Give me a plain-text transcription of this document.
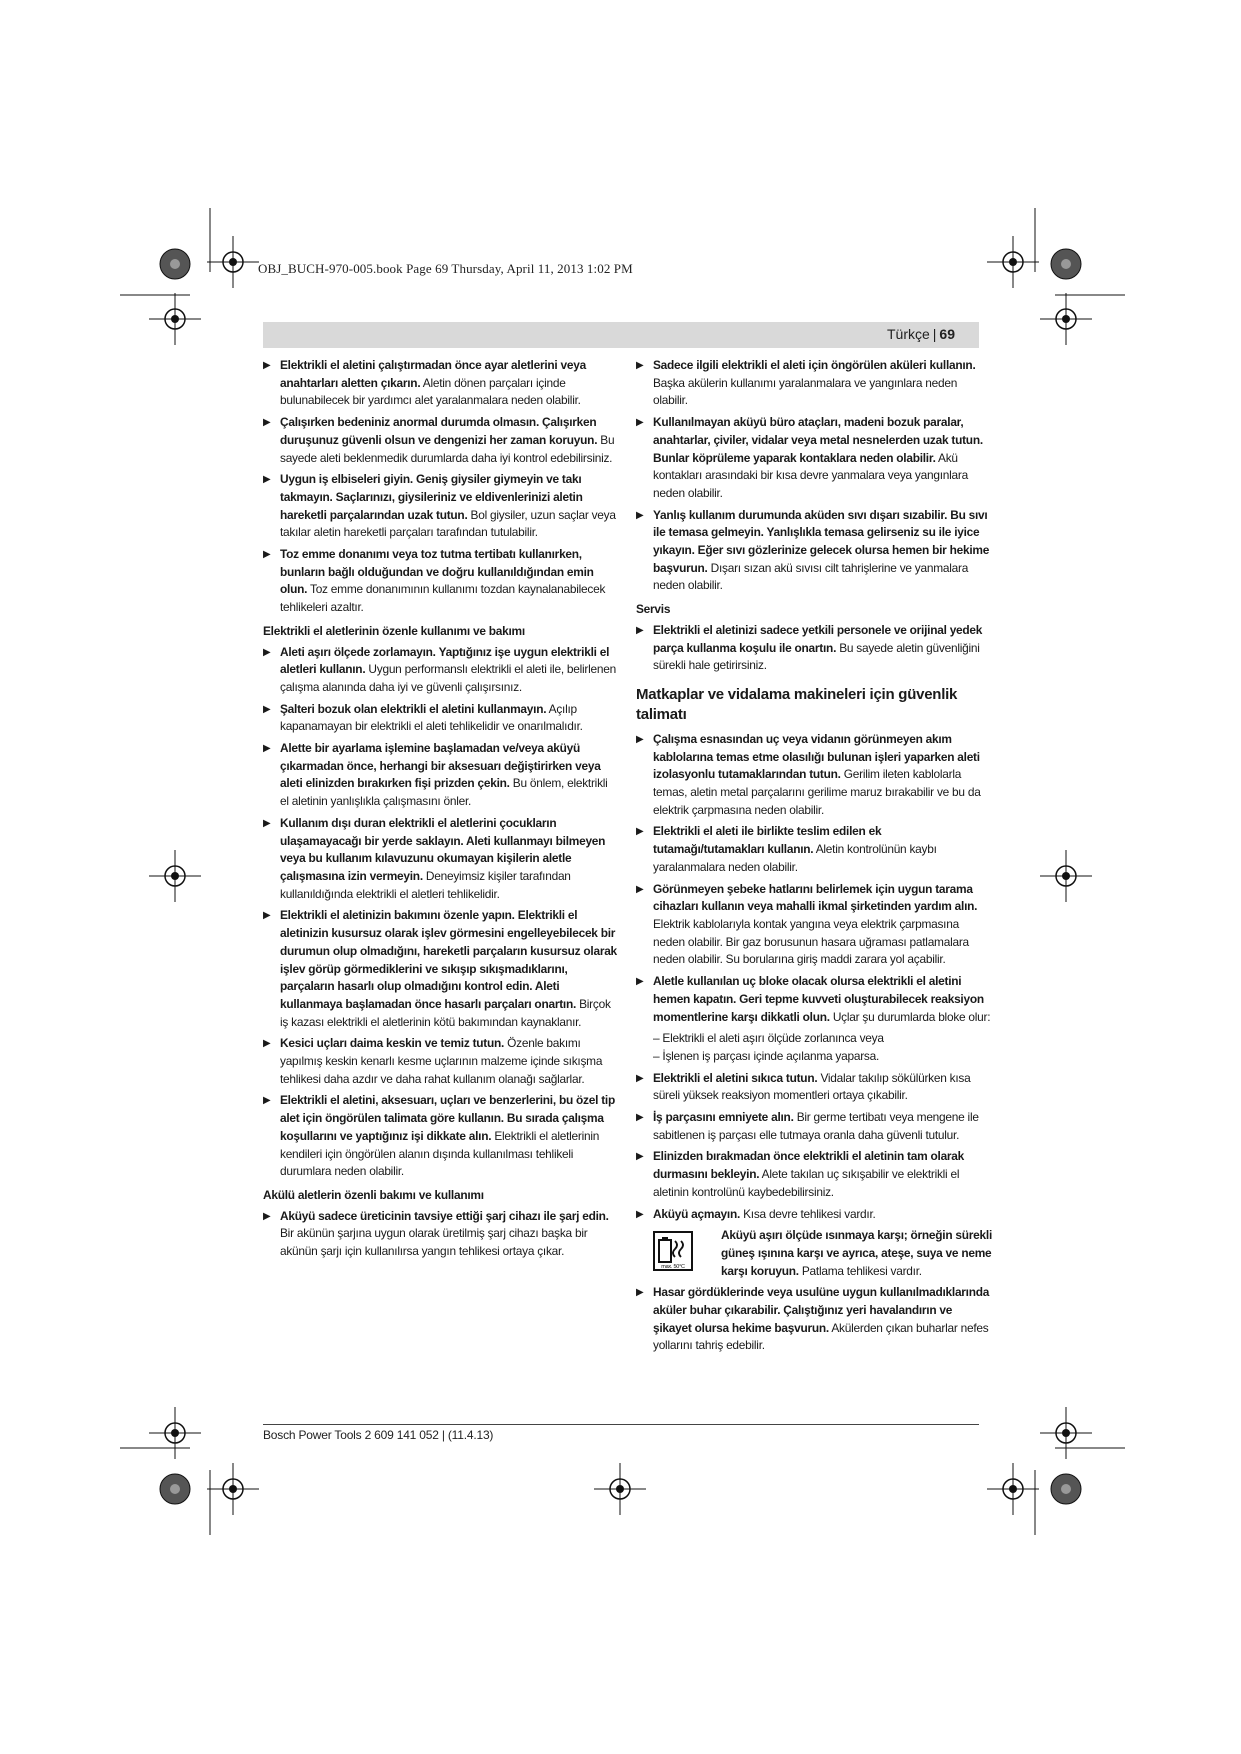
OBJ_BUCH-970-005.book Page 69 Thursday, April 11, 2013 1:02 PM
Türkçe | 69
▶ Elektrikli el aletini çalıştırmadan önce ayar aletlerini veya anahtarları aletten çıkarın. Aletin dönen parçaları içinde bulunabilecek bir yardımcı alet yaralanmalara neden olabilir.
▶ Çalışırken bedeniniz anormal durumda olmasın. Çalışırken duruşunuz güvenli olsun ve dengenizi her zaman koruyun. Bu sayede aleti beklenmedik durumlarda daha iyi kontrol edebilirsiniz.
▶ Uygun iş elbiseleri giyin. Geniş giysiler giymeyin ve takı takmayın. Saçlarınızı, giysileriniz ve eldivenlerinizi aletin hareketli parçalarından uzak tutun. Bol giysiler, uzun saçlar veya takılar aletin hareketli parçaları tarafından tutulabilir.
▶ Toz emme donanımı veya toz tutma tertibatı kullanırken, bunların bağlı olduğundan ve doğru kullanıldığından emin olun. Toz emme donanımının kullanımı tozdan kaynalanabilecek tehlikeleri azaltır.
Elektrikli el aletlerinin özenle kullanımı ve bakımı
▶ Aleti aşırı ölçede zorlamayın. Yaptığınız işe uygun elektrikli el aletleri kullanın. Uygun performanslı elektrikli el aleti ile, belirlenen çalışma alanında daha iyi ve güvenli çalışırsınız.
▶ Şalteri bozuk olan elektrikli el aletini kullanmayın. Açılıp kapanamayan bir elektrikli el aleti tehlikelidir ve onarılmalıdır.
▶ Alette bir ayarlama işlemine başlamadan ve/veya aküyü çıkarmadan önce, herhangi bir aksesuarı değiştirirken veya aleti elinizden bırakırken fişi prizden çekin. Bu önlem, elektrikli el aletinin yanlışlıkla çalışmasını önler.
▶ Kullanım dışı duran elektrikli el aletlerini çocukların ulaşamayacağı bir yerde saklayın. Aleti kullanmayı bilmeyen veya bu kullanım kılavuzunu okumayan kişilerin aletle çalışmasına izin vermeyin. Deneyimsiz kişiler tarafından kullanıldığında elektrikli el aletleri tehlikelidir.
▶ Elektrikli el aletinizin bakımını özenle yapın. Elektrikli el aletinizin kusursuz olarak işlev görmesini engelleyebilecek bir durumun olup olmadığını, hareketli parçaların kusursuz olarak işlev görüp görmediklerini ve sıkışıp sıkışmadıklarını, parçaların hasarlı olup olmadığını kontrol edin. Aleti kullanmaya başlamadan önce hasarlı parçaları onartın. Birçok iş kazası elektrikli el aletlerinin kötü bakımından kaynaklanır.
▶ Kesici uçları daima keskin ve temiz tutun. Özenle bakımı yapılmış keskin kenarlı kesme uçlarının malzeme içinde sıkışma tehlikesi daha azdır ve daha rahat kullanım olanağı sağlarlar.
▶ Elektrikli el aletini, aksesuarı, uçları ve benzerlerini, bu özel tip alet için öngörülen talimata göre kullanın. Bu sırada çalışma koşullarını ve yaptığınız işi dikkate alın. Elektrikli el aletlerinin kendileri için öngörülen alanın dışında kullanılması tehlikeli durumlara neden olabilir.
Akülü aletlerin özenli bakımı ve kullanımı
▶ Aküyü sadece üreticinin tavsiye ettiği şarj cihazı ile şarj edin. Bir akünün şarjına uygun olarak üretilmiş şarj cihazı başka bir akünün şarjı için kullanılırsa yangın tehlikesi ortaya çıkar.
▶ Sadece ilgili elektrikli el aleti için öngörülen aküleri kullanın. Başka akülerin kullanımı yaralanmalara ve yangınlara neden olabilir.
▶ Kullanılmayan aküyü büro ataçları, madeni bozuk paralar, anahtarlar, çiviler, vidalar veya metal nesnelerden uzak tutun. Bunlar köprüleme yaparak kontaklara neden olabilir. Akü kontakları arasındaki bir kısa devre yanmalara veya yangınlara neden olabilir.
▶ Yanlış kullanım durumunda aküden sıvı dışarı sızabilir. Bu sıvı ile temasa gelmeyin. Yanlışlıkla temasa gelirseniz su ile iyice yıkayın. Eğer sıvı gözlerinize gelecek olursa hemen bir hekime başvurun. Dışarı sızan akü sıvısı cilt tahrişlerine ve yanmalara neden olabilir.
Servis
▶ Elektrikli el aletinizi sadece yetkili personele ve orijinal yedek parça kullanma koşulu ile onartın. Bu sayede aletin güvenliğini sürekli hale getirirsiniz.
Matkaplar ve vidalama makineleri için güvenlik talimatı
▶ Çalışma esnasından uç veya vidanın görünmeyen akım kablolarına temas etme olasılığı bulunan işleri yaparken aleti izolasyonlu tutamaklarından tutun. Gerilim ileten kablolarla temas, aletin metal parçalarını gerilime maruz bırakabilir ve bu da elektrik çarpmasına neden olabilir.
▶ Elektrikli el aleti ile birlikte teslim edilen ek tutamağı/tutamakları kullanın. Aletin kontrolünün kaybı yaralanmalara neden olabilir.
▶ Görünmeyen şebeke hatlarını belirlemek için uygun tarama cihazları kullanın veya mahalli ikmal şirketinden yardım alın. Elektrik kablolarıyla kontak yangına veya elektrik çarpmasına neden olabilir. Bir gaz borusunun hasara uğraması patlamalara neden olabilir. Su borularına giriş maddi zarara yol açabilir.
▶ Aletle kullanılan uç bloke olacak olursa elektrikli el aletini hemen kapatın. Geri tepme kuvveti oluşturabilecek reaksiyon momentlerine karşı dikkatli olun. Uçlar şu durumlarda bloke olur:
– Elektrikli el aleti aşırı ölçüde zorlanınca veya
– İşlenen iş parçası içinde açılanma yaparsa.
▶ Elektrikli el aletini sıkıca tutun. Vidalar takılıp sökülürken kısa süreli yüksek reaksiyon momentleri ortaya çıkabilir.
▶ İş parçasını emniyete alın. Bir germe tertibatı veya mengene ile sabitlenen iş parçası elle tutmaya oranla daha güvenli tutulur.
▶ Elinizden bırakmadan önce elektrikli el aletinin tam olarak durmasını bekleyin. Alete takılan uç sıkışabilir ve elektrikli el aletinin kontrolünü kaybedebilirsiniz.
▶ Aküyü açmayın. Kısa devre tehlikesi vardır.
max. 50°C
Aküyü aşırı ölçüde ısınmaya karşı; örneğin sürekli güneş ışınına karşı ve ayrıca, ateşe, suya ve neme karşı koruyun. Patlama tehlikesi vardır.
▶ Hasar gördüklerinde veya usulüne uygun kullanılmadıklarında aküler buhar çıkarabilir. Çalıştığınız yeri havalandırın ve şikayet olursa hekime başvurun. Akülerden çıkan buharlar nefes yollarını tahriş edebilir.
Bosch Power Tools 2 609 141 052 | (11.4.13)
